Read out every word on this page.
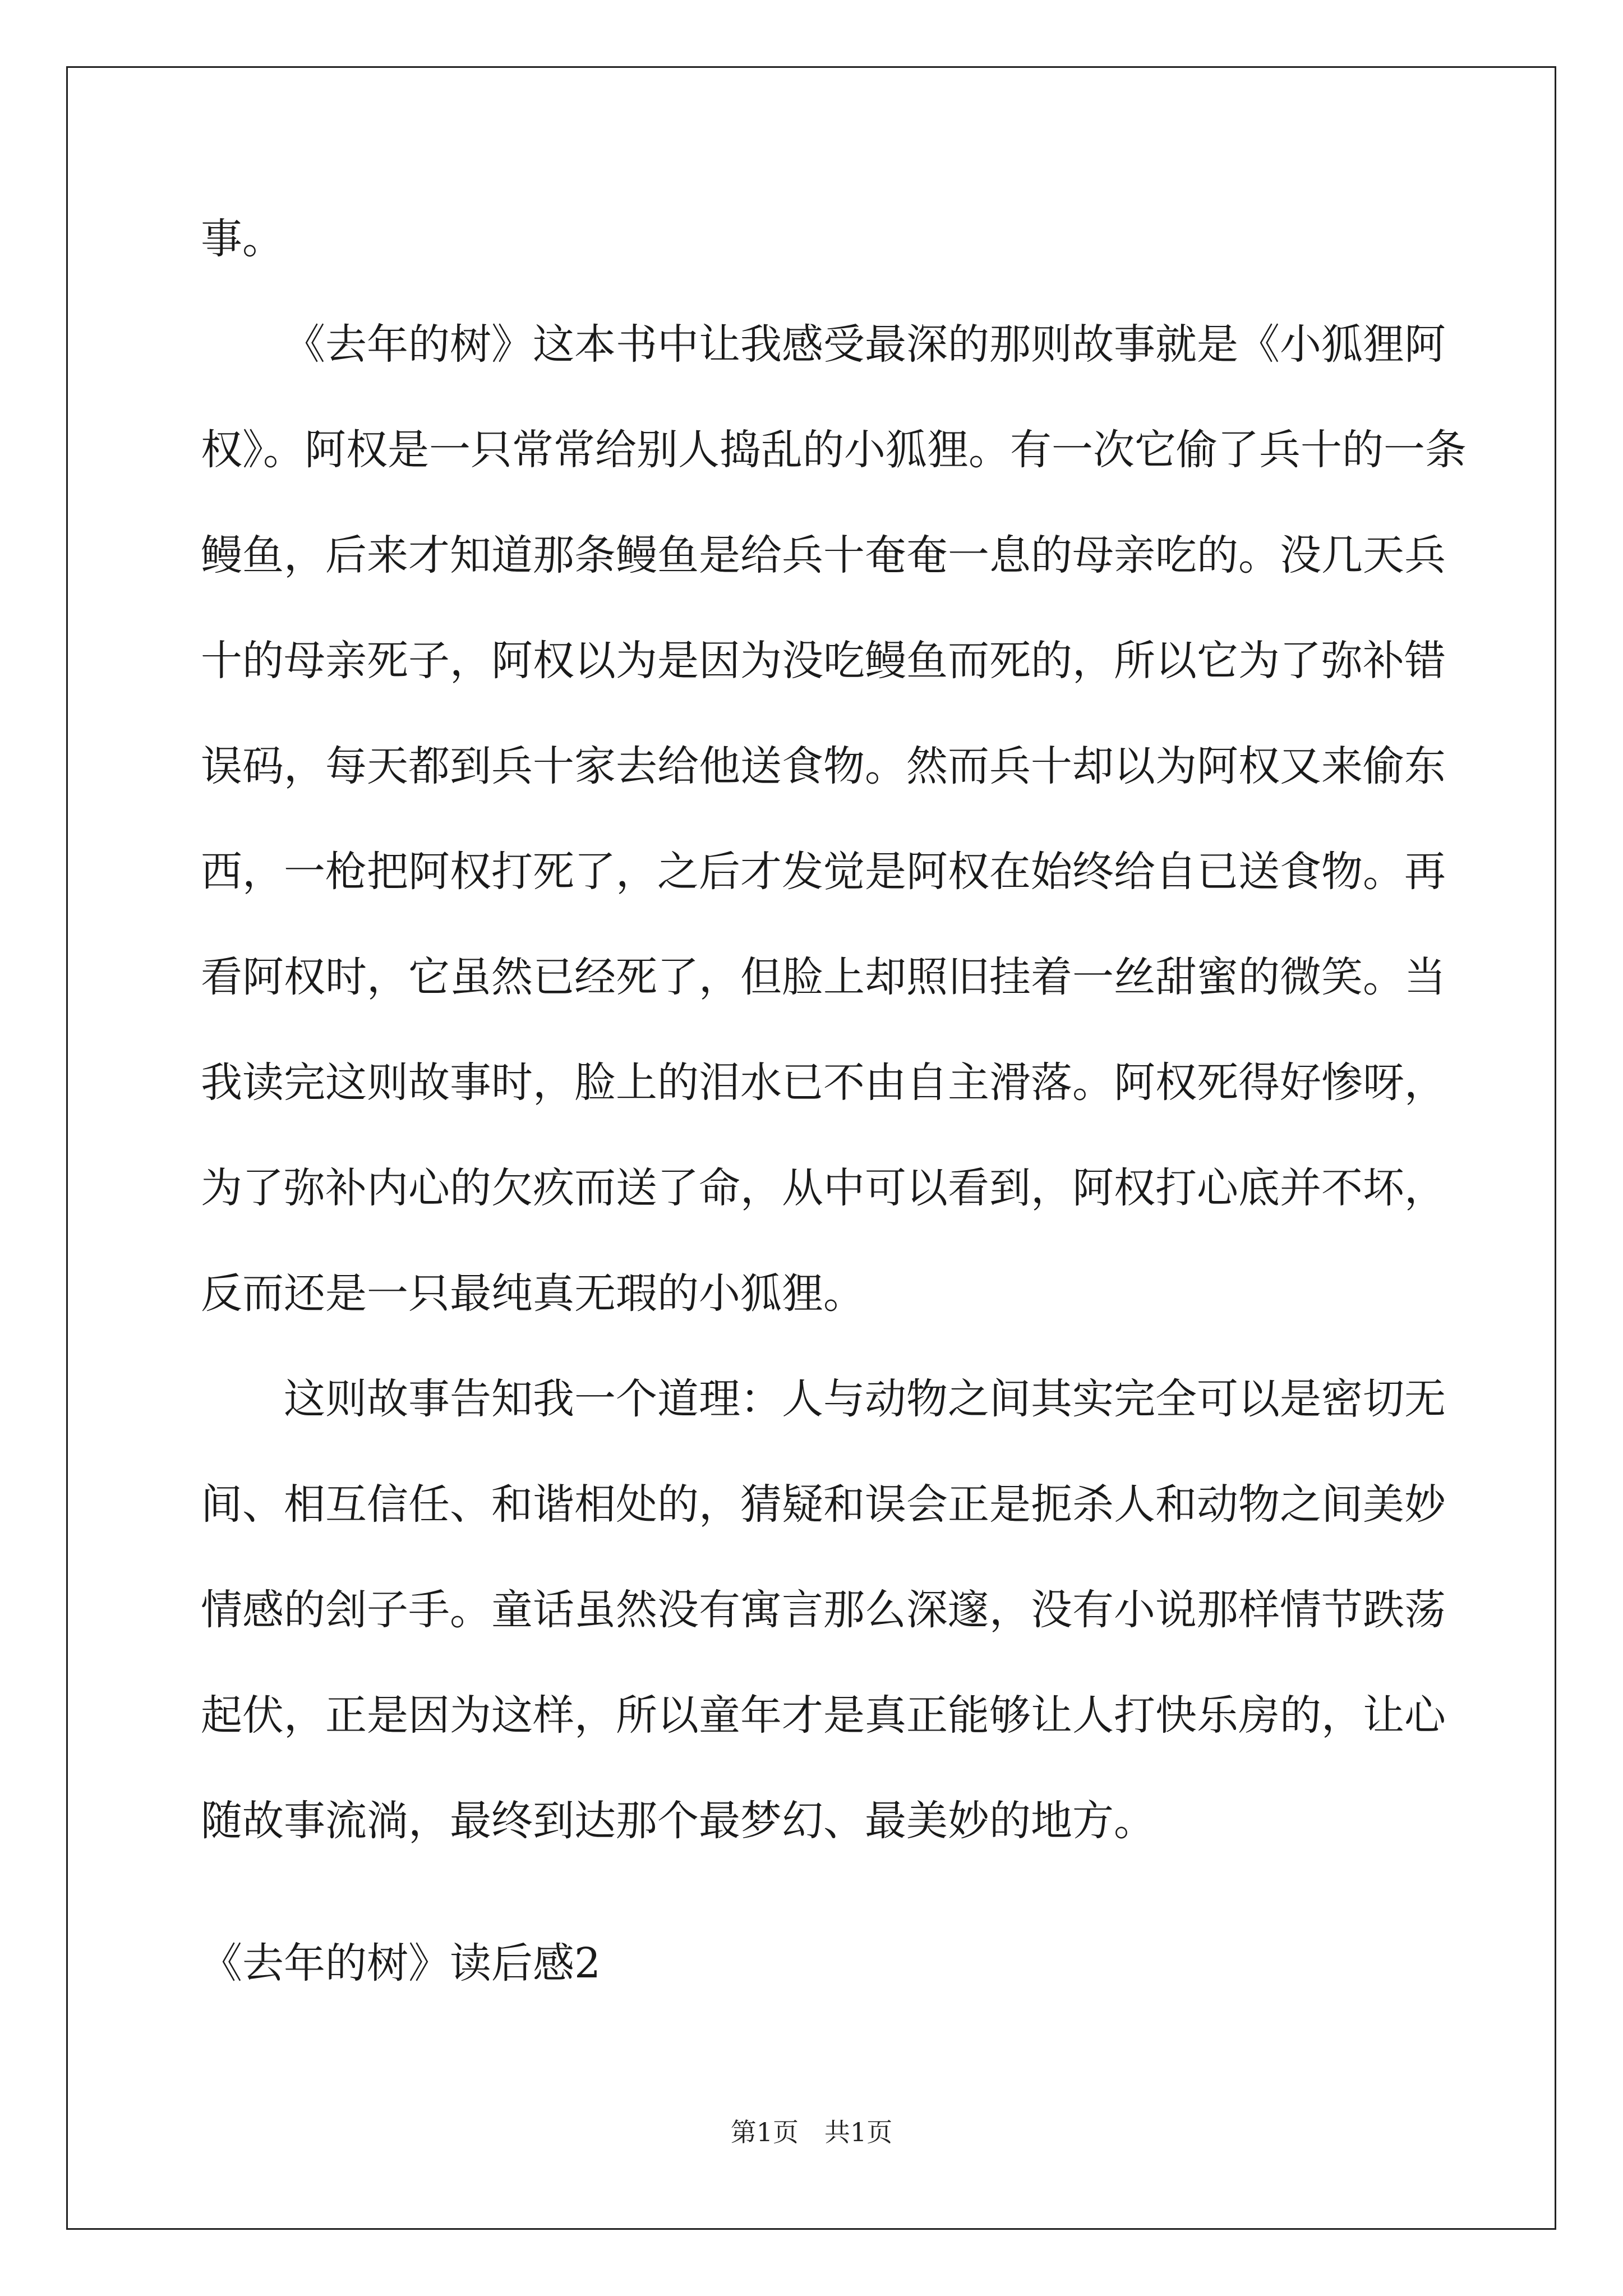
事。
《去年的树》这本书中让我感受最深的那则故事就是《小狐狸阿
权》。阿权是一只常常给别人捣乱的小狐狸。有一次它偷了兵十的一条
鳗鱼，后来才知道那条鳗鱼是给兵十奄奄一息的母亲吃的。没几天兵
十的母亲死子，阿权以为是因为没吃鳗鱼而死的，所以它为了弥补错
误码，每天都到兵十家去给他送食物。然而兵十却以为阿权又来偷东
西，一枪把阿权打死了，之后才发觉是阿权在始终给自已送食物。再
看阿权时，它虽然已经死了，但脸上却照旧挂着一丝甜蜜的微笑。当
我读完这则故事时，脸上的泪水已不由自主滑落。阿权死得好惨呀，
为了弥补内心的欠疚而送了命，从中可以看到，阿权打心底并不坏，
反而还是一只最纯真无瑕的小狐狸。
这则故事告知我一个道理：人与动物之间其实完全可以是密切无
间、相互信任、和谐相处的，猜疑和误会正是扼杀人和动物之间美妙
情感的刽子手。童话虽然没有寓言那么深邃，没有小说那样情节跌荡
起伏，正是因为这样，所以童年才是真正能够让人打快乐房的，让心
随故事流淌，最终到达那个最梦幻、最美妙的地方。
《去年的树》读后感2
第1页　共1页
